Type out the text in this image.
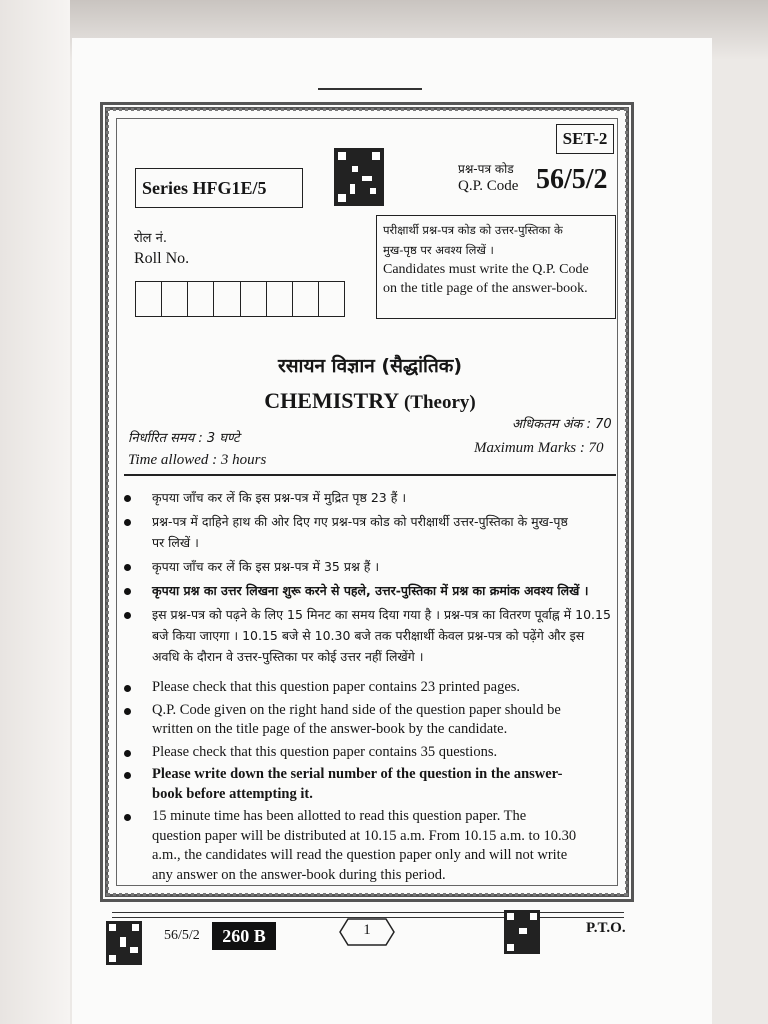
SET-2
Series HFG1E/5
प्रश्न-पत्र कोड
Q.P. Code 56/5/2
रोल नं.
Roll No.
परीक्षार्थी प्रश्न-पत्र कोड को उत्तर-पुस्तिका के
मुख-पृष्ठ पर अवश्य लिखें ।
Candidates must write the Q.P. Code
on the title page of the answer-book.
रसायन विज्ञान (सैद्धांतिक)
CHEMISTRY (Theory)
निर्धारित समय : 3 घण्टे
Time allowed : 3 hours
अधिकतम अंक : 70
Maximum Marks : 70
कृपया जाँच कर लें कि इस प्रश्न-पत्र में मुद्रित पृष्ठ 23 हैं ।
प्रश्न-पत्र में दाहिने हाथ की ओर दिए गए प्रश्न-पत्र कोड को परीक्षार्थी उत्तर-पुस्तिका के मुख-पृष्ठ
पर लिखें ।
कृपया जाँच कर लें कि इस प्रश्न-पत्र में 35 प्रश्न हैं ।
कृपया प्रश्न का उत्तर लिखना शुरू करने से पहले, उत्तर-पुस्तिका में प्रश्न का क्रमांक अवश्य लिखें ।
इस प्रश्न-पत्र को पढ़ने के लिए 15 मिनट का समय दिया गया है । प्रश्न-पत्र का वितरण पूर्वाह्न में 10.15
बजे किया जाएगा । 10.15 बजे से 10.30 बजे तक परीक्षार्थी केवल प्रश्न-पत्र को पढ़ेंगे और इस
अवधि के दौरान वे उत्तर-पुस्तिका पर कोई उत्तर नहीं लिखेंगे ।
Please check that this question paper contains 23 printed pages.
Q.P. Code given on the right hand side of the question paper should be
written on the title page of the answer-book by the candidate.
Please check that this question paper contains 35 questions.
Please write down the serial number of the question in the answer-
book before attempting it.
15 minute time has been allotted to read this question paper. The
question paper will be distributed at 10.15 a.m. From 10.15 a.m. to 10.30
a.m., the candidates will read the question paper only and will not write
any answer on the answer-book during this period.
56/5/2	260 B	1	P.T.O.
